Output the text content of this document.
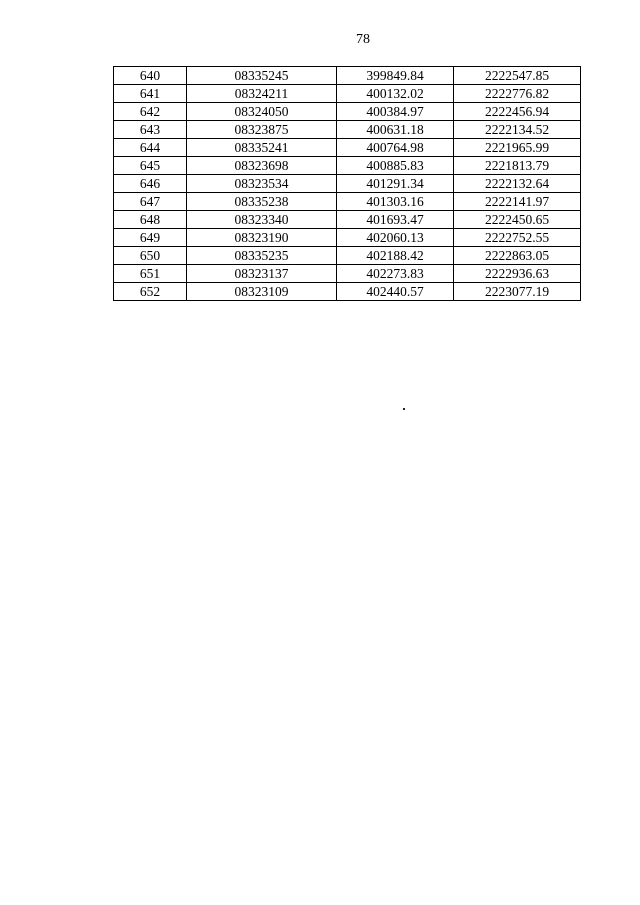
78
640	08335245	399849.84	2222547.85
641	08324211	400132.02	2222776.82
642	08324050	400384.97	2222456.94
643	08323875	400631.18	2222134.52
644	08335241	400764.98	2221965.99
645	08323698	400885.83	2221813.79
646	08323534	401291.34	2222132.64
647	08335238	401303.16	2222141.97
648	08323340	401693.47	2222450.65
649	08323190	402060.13	2222752.55
650	08335235	402188.42	2222863.05
651	08323137	402273.83	2222936.63
652	08323109	402440.57	2223077.19
